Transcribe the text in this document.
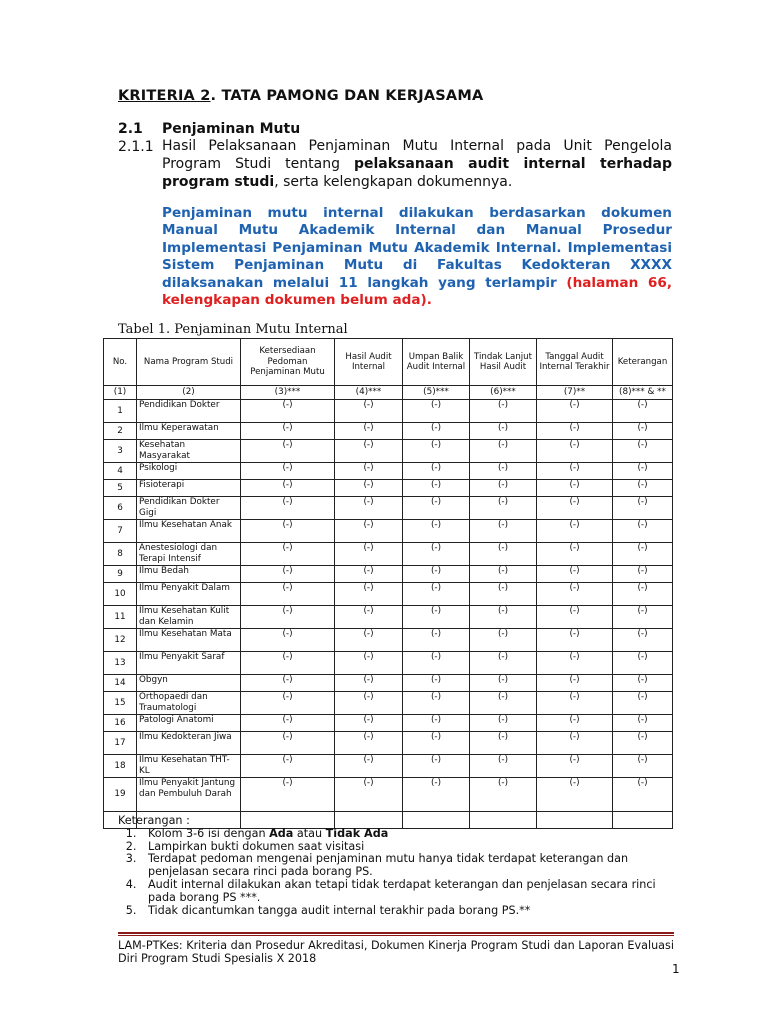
KRITERIA 2. TATA PAMONG DAN KERJASAMA
2.1 Penjaminan Mutu
2.1.1 Hasil Pelaksanaan Penjaminan Mutu Internal pada Unit Pengelola Program Studi tentang pelaksanaan audit internal terhadap program studi, serta kelengkapan dokumennya.
Penjaminan mutu internal dilakukan berdasarkan dokumen Manual Mutu Akademik Internal dan Manual Prosedur Implementasi Penjaminan Mutu Akademik Internal. Implementasi Sistem Penjaminan Mutu di Fakultas Kedokteran XXXX dilaksanakan melalui 11 langkah yang terlampir (halaman 66, kelengkapan dokumen belum ada).
Tabel 1. Penjaminan Mutu Internal
No.	Nama Program Studi	Ketersediaan Pedoman Penjaminan Mutu	Hasil Audit Internal	Umpan Balik Audit Internal	Tindak Lanjut Hasil Audit	Tanggal Audit Internal Terakhir	Keterangan
(1)	(2)	(3)***	(4)***	(5)***	(6)***	(7)**	(8)*** & **
1	Pendidikan Dokter	(-)	(-)	(-)	(-)	(-)	(-)
2	Ilmu Keperawatan	(-)	(-)	(-)	(-)	(-)	(-)
3	Kesehatan Masyarakat	(-)	(-)	(-)	(-)	(-)	(-)
4	Psikologi	(-)	(-)	(-)	(-)	(-)	(-)
5	Fisioterapi	(-)	(-)	(-)	(-)	(-)	(-)
6	Pendidikan Dokter Gigi	(-)	(-)	(-)	(-)	(-)	(-)
7	Ilmu Kesehatan Anak	(-)	(-)	(-)	(-)	(-)	(-)
8	Anestesiologi dan Terapi Intensif	(-)	(-)	(-)	(-)	(-)	(-)
9	Ilmu Bedah	(-)	(-)	(-)	(-)	(-)	(-)
10	Ilmu Penyakit Dalam	(-)	(-)	(-)	(-)	(-)	(-)
11	Ilmu Kesehatan Kulit dan Kelamin	(-)	(-)	(-)	(-)	(-)	(-)
12	Ilmu Kesehatan Mata	(-)	(-)	(-)	(-)	(-)	(-)
13	Ilmu Penyakit Saraf	(-)	(-)	(-)	(-)	(-)	(-)
14	Obgyn	(-)	(-)	(-)	(-)	(-)	(-)
15	Orthopaedi dan Traumatologi	(-)	(-)	(-)	(-)	(-)	(-)
16	Patologi Anatomi	(-)	(-)	(-)	(-)	(-)	(-)
17	Ilmu Kedokteran Jiwa	(-)	(-)	(-)	(-)	(-)	(-)
18	Ilmu Kesehatan THT-KL	(-)	(-)	(-)	(-)	(-)	(-)
19	Ilmu Penyakit Jantung dan Pembuluh Darah	(-)	(-)	(-)	(-)	(-)	(-)

Keterangan :
1. Kolom 3-6 isi dengan Ada atau Tidak Ada
2. Lampirkan bukti dokumen saat visitasi
3. Terdapat pedoman mengenai penjaminan mutu hanya tidak terdapat keterangan dan penjelasan secara rinci pada borang PS.
4. Audit internal dilakukan akan tetapi tidak terdapat keterangan dan penjelasan secara rinci pada borang PS ***.
5. Tidak dicantumkan tangga audit internal terakhir pada borang PS.**
LAM-PTKes: Kriteria dan Prosedur Akreditasi, Dokumen Kinerja Program Studi dan Laporan Evaluasi Diri Program Studi Spesialis X 2018
1
